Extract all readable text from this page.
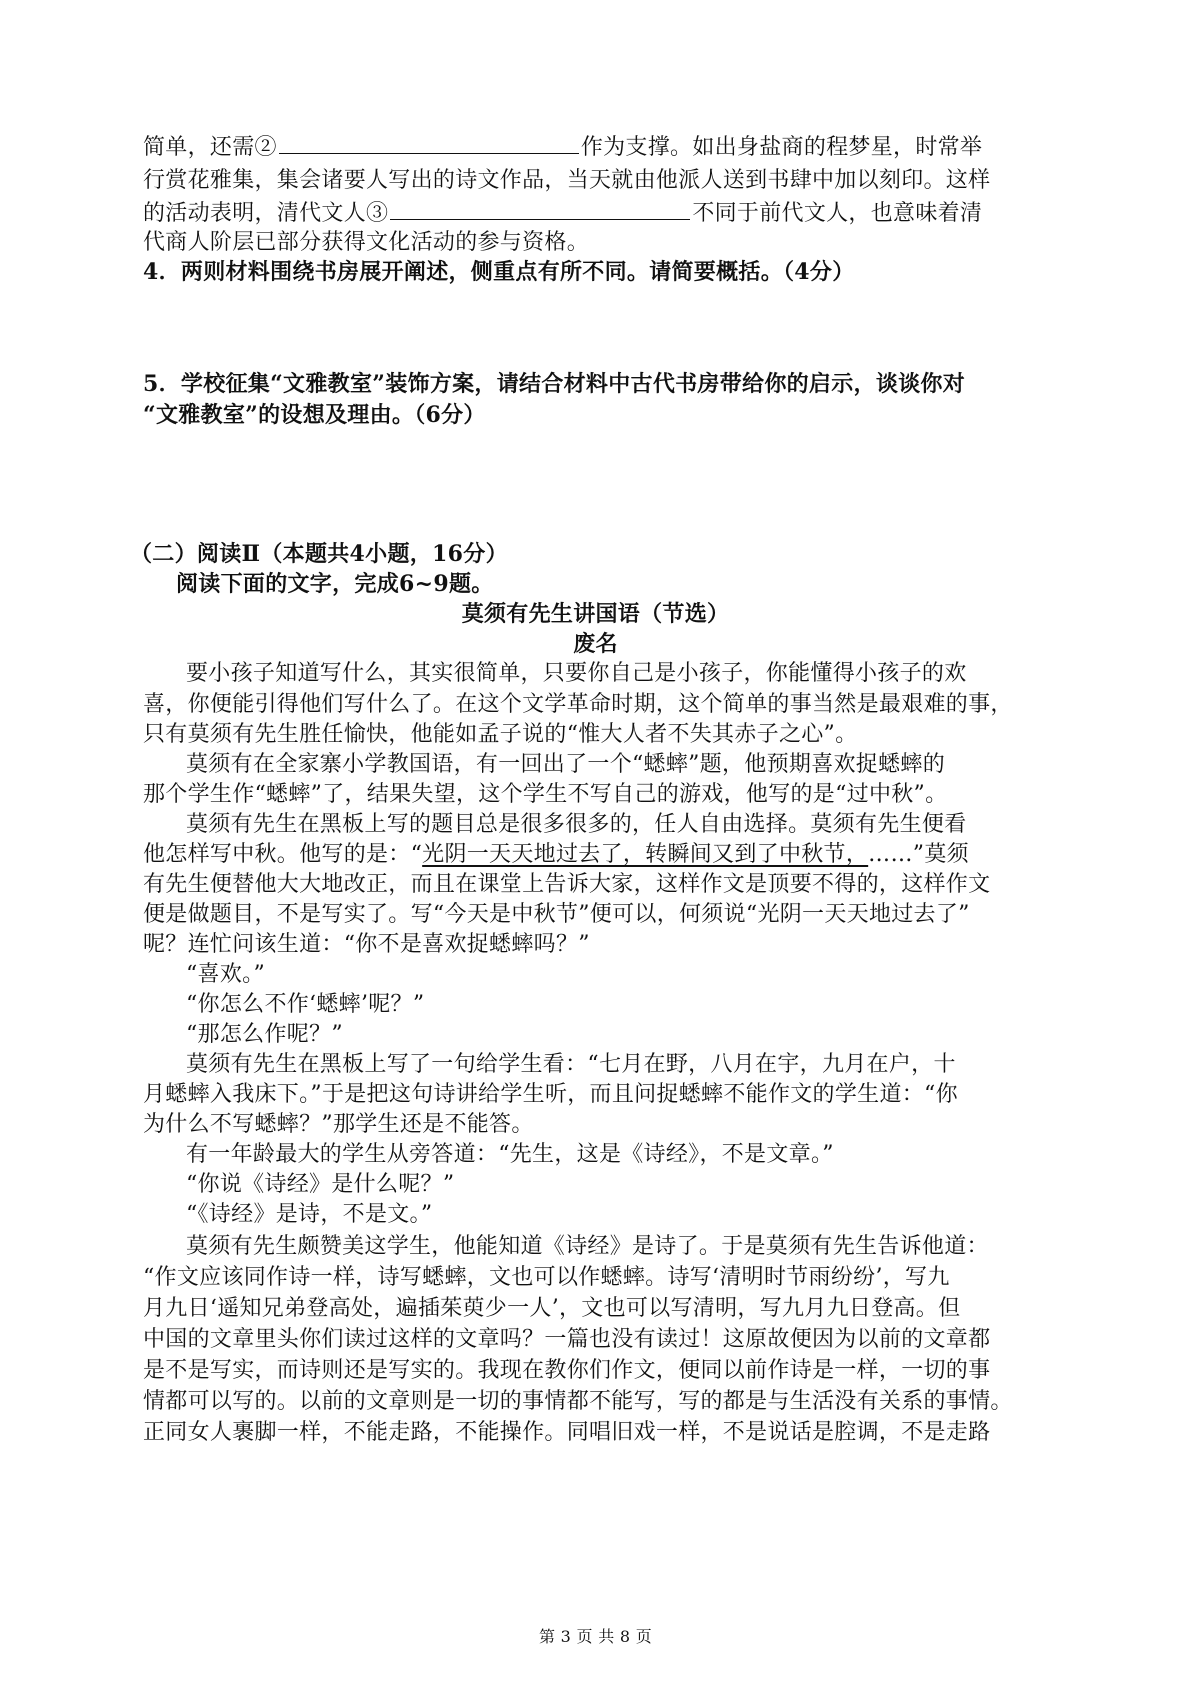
简单，还需②	作为支撑。如出身盐商的程梦星，时常举
行赏花雅集，集会诸要人写出的诗文作品，当天就由他派人送到书肆中加以刻印。这样
的活动表明，清代文人③	不同于前代文人，也意味着清
代商人阶层已部分获得文化活动的参与资格。
4．两则材料围绕书房展开阐述，侧重点有所不同。请简要概括。（4分）
5．学校征集“文雅教室”装饰方案，请结合材料中古代书房带给你的启示，谈谈你对
“文雅教室”的设想及理由。（6分）
（二）阅读Ⅱ（本题共4小题，16分）
阅读下面的文字，完成6~9题。
莫须有先生讲国语（节选）
废名
要小孩子知道写什么，其实很简单，只要你自己是小孩子，你能懂得小孩子的欢
喜，你便能引得他们写什么了。在这个文学革命时期，这个简单的事当然是最艰难的事，
只有莫须有先生胜任愉快，他能如孟子说的“惟大人者不失其赤子之心”。
莫须有在全家寨小学教国语，有一回出了一个“蟋蟀”题，他预期喜欢捉蟋蟀的
那个学生作“蟋蟀”了，结果失望，这个学生不写自己的游戏，他写的是“过中秋”。
莫须有先生在黑板上写的题目总是很多很多的，任人自由选择。莫须有先生便看
他怎样写中秋。他写的是：“光阴一天天地过去了，转瞬间又到了中秋节，……”莫须
有先生便替他大大地改正，而且在课堂上告诉大家，这样作文是顶要不得的，这样作文
便是做题目，不是写实了。写“今天是中秋节”便可以，何须说“光阴一天天地过去了”
呢？连忙问该生道：“你不是喜欢捉蟋蟀吗？”
“喜欢。”
“你怎么不作‘蟋蟀’呢？”
“那怎么作呢？”
莫须有先生在黑板上写了一句给学生看：“七月在野，八月在宇，九月在户，十
月蟋蟀入我床下。”于是把这句诗讲给学生听，而且问捉蟋蟀不能作文的学生道：“你
为什么不写蟋蟀？”那学生还是不能答。
有一年龄最大的学生从旁答道：“先生，这是《诗经》，不是文章。”
“你说《诗经》是什么呢？”
“《诗经》是诗，不是文。”
莫须有先生颇赞美这学生，他能知道《诗经》是诗了。于是莫须有先生告诉他道：
“作文应该同作诗一样，诗写蟋蟀，文也可以作蟋蟀。诗写‘清明时节雨纷纷’，写九
月九日‘遥知兄弟登高处，遍插茱萸少一人’，文也可以写清明，写九月九日登高。但
中国的文章里头你们读过这样的文章吗？一篇也没有读过！这原故便因为以前的文章都
是不是写实，而诗则还是写实的。我现在教你们作文，便同以前作诗是一样，一切的事
情都可以写的。以前的文章则是一切的事情都不能写，写的都是与生活没有关系的事情。
正同女人裹脚一样，不能走路，不能操作。同唱旧戏一样，不是说话是腔调，不是走路
第 3 页 共 8 页
